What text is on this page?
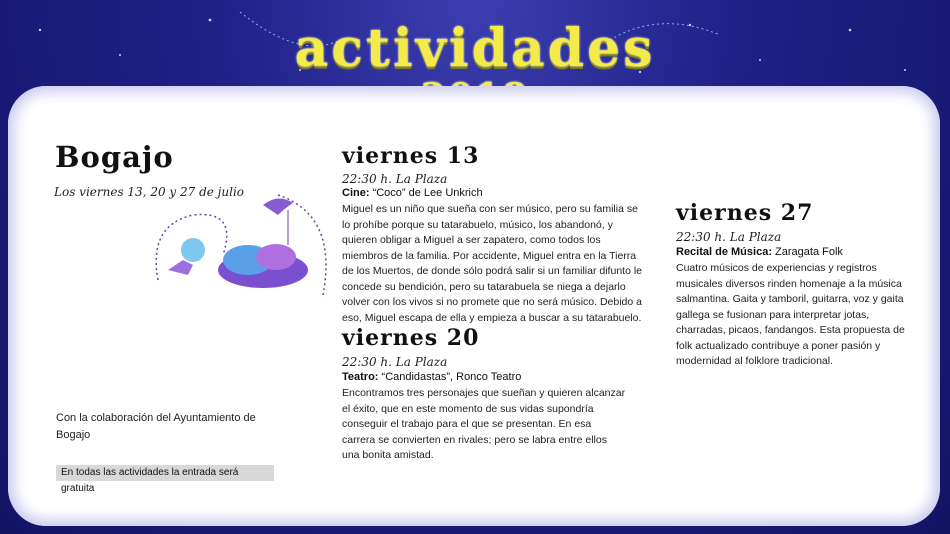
actividades
Bogajo
Los viernes 13, 20 y 27 de julio
viernes 13
22:30 h. La Plaza
Cine: “Coco” de Lee Unkrich
Miguel es un niño que sueña con ser músico, pero su familia se lo prohíbe porque su tatarabuelo, músico, los abandonó, y quieren obligar a Miguel a ser zapatero, como todos los miembros de la familia. Por accidente, Miguel entra en la Tierra de los Muertos, de donde sólo podrá salir si un familiar difunto le concede su bendición, pero su tatarabuela se niega a dejarlo volver con los vivos si no promete que no será músico. Debido a eso, Miguel escapa de ella y empieza a buscar a su tatarabuelo.
viernes 20
22:30 h. La Plaza
Teatro: “Candidastas”, Ronco Teatro
Encontramos tres personajes que sueñan y quieren alcanzar el éxito, que en este momento de sus vidas supondría conseguir el trabajo para el que se presentan. En esa carrera se convierten en rivales; pero se labra entre ellos una bonita amistad.
viernes 27
22:30 h. La Plaza
Recital de Música: Zaragata Folk
Cuatro músicos de experiencias y registros musicales diversos rinden homenaje a la música salmantina. Gaita y tamboril, guitarra, voz y gaita gallega se fusionan para interpretar jotas, charradas, picaos, fandangos. Esta propuesta de folk actualizado contribuye a poner pasión y modernidad al folklore tradicional.
Con la colaboración del Ayuntamiento de Bogajo
En todas las actividades la entrada será gratuita
